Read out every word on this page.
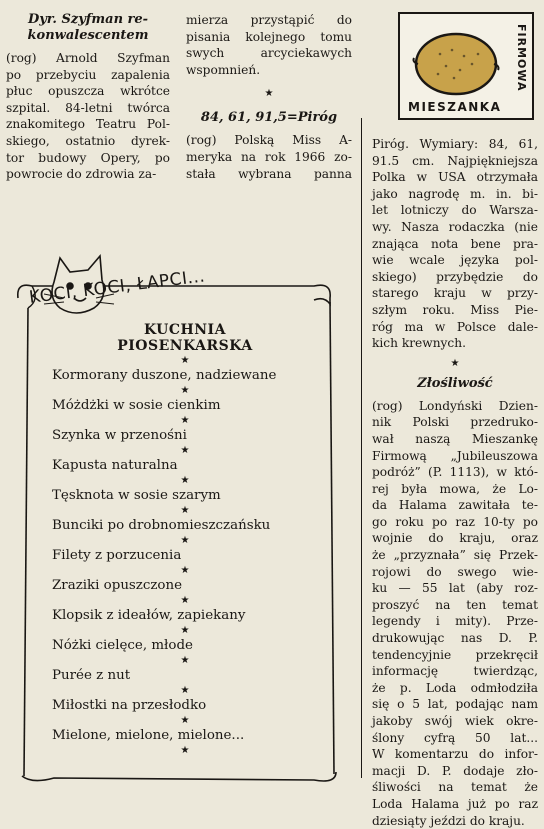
Dyr. Szyfman re-
konwalescentem
(rog) Arnold Szyfman
po przebyciu zapalenia
płuc opuszcza wkrótce
szpital. 84-letni twórca
znakomitego Teatru Pol-
skiego, ostatnio dyrek-
tor budowy Opery, po
powrocie do zdrowia za-
mierza przystąpić do
pisania kolejnego tomu
swych arcyciekawych
wspomnień.
★
84, 61, 91,5=Piróg
(rog) Polską Miss A-
meryka na rok 1966 zo-
stała wybrana panna
FIRMOWA
MIESZANKA
Piróg. Wymiary: 84, 61,
91.5 cm. Najpiękniejsza
Polka w USA otrzymała
jako nagrodę m. in. bi-
let lotniczy do Warsza-
wy. Nasza rodaczka (nie
znająca nota bene pra-
wie wcale języka pol-
skiego) przybędzie do
starego kraju w przy-
szłym roku. Miss Pie-
róg ma w Polsce dale-
kich krewnych.
★
Złośliwość
(rog) Londyński Dzien-
nik Polski przedruko-
wał naszą Mieszankę
Firmową „Jubileuszowa
podróż” (P. 1113), w któ-
rej była mowa, że Lo-
da Halama zawitała te-
go roku po raz 10-ty po
wojnie do kraju, oraz
że „przyznała” się Przek-
rojowi do swego wie-
ku — 55 lat (aby roz-
proszyć na ten temat
legendy i mity). Prze-
drukowując nas D. P.
tendencyjnie przekręcił
informację twierdząc,
że p. Loda odmłodziła
się o 5 lat, podając nam
jakoby swój wiek okre-
ślony cyfrą 50 lat...
W komentarzu do infor-
macji D. P. dodaje zło-
śliwości na temat że
Loda Halama już po raz
dziesiąty jeździ do kraju.
KOCI, KOCI, ŁAPCI...
KUCHNIA
PIOSENKARSKA
★
Kormorany duszone, nadziewane
★
Móżdżki w sosie cienkim
★
Szynka w przenośni
★
Kapusta naturalna
★
Tęsknota w sosie szarym
★
Bunciki po drobnomieszczańsku
★
Filety z porzucenia
★
Zraziki opuszczone
★
Klopsik z ideałów, zapiekany
★
Nóżki cielęce, młode
★
Purée z nut
★
Miłostki na przesłodko
★
Mielone, mielone, mielone...
★
